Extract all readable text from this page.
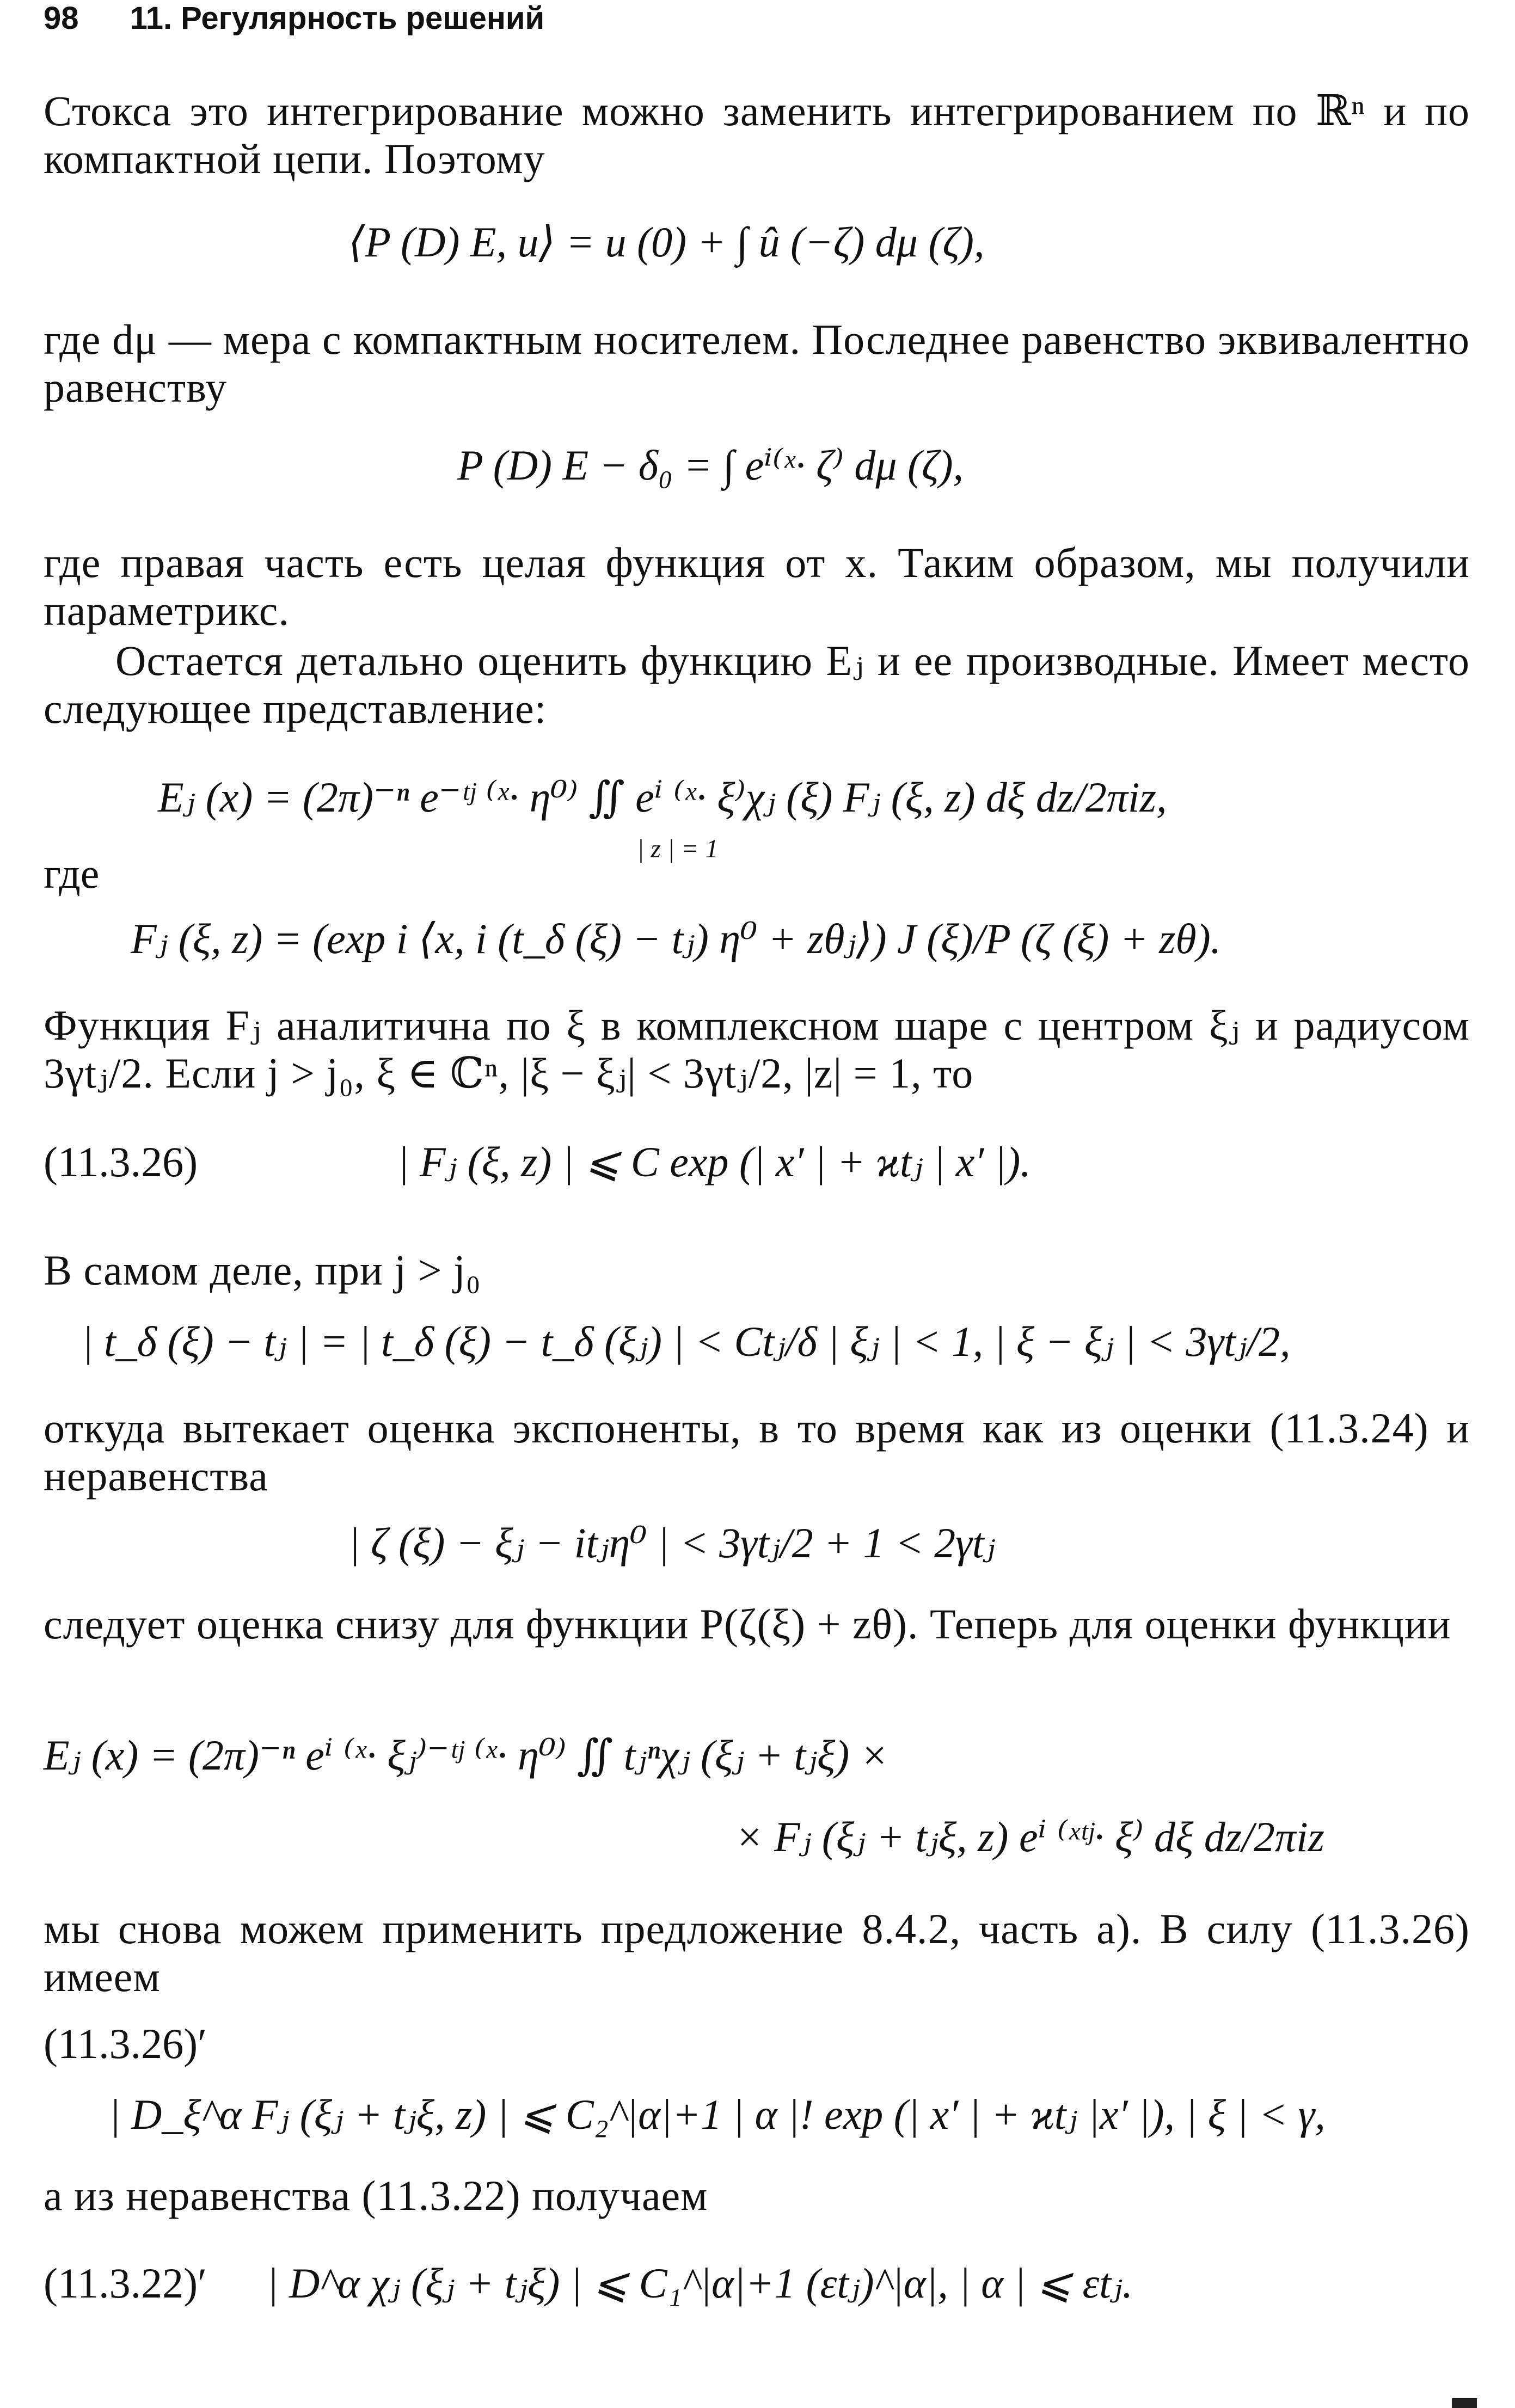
98 11. Регулярность решений
Стокса это интегрирование можно заменить интегрированием по ℝⁿ и по компактной цепи. Поэтому
⟨P (D) E, u⟩ = u (0) + ∫ û (−ζ) dμ (ζ),
где dμ — мера с компактным носителем. Последнее равенство эквивалентно равенству
P (D) E − δ₀ = ∫ eⁱ⁽ˣ· ζ⁾ dμ (ζ),
где правая часть есть целая функция от x. Таким образом, мы получили параметрикс.
Остается детально оценить функцию Eⱼ и ее производные. Имеет место следующее представление:
Eⱼ (x) = (2π)⁻ⁿ e⁻ᵗʲ ⁽ˣ· η⁰⁾ ∬ eⁱ ⁽ˣ· ξ⁾χⱼ (ξ) Fⱼ (ξ, z) dξ dz/2πiz,
| z | = 1
где
Fⱼ (ξ, z) = (exp i ⟨x, i (t_δ (ξ) − tⱼ) η⁰ + zθⱼ⟩) J (ξ)/P (ζ (ξ) + zθ).
Функция Fⱼ аналитична по ξ в комплексном шаре с центром ξⱼ и радиусом 3γtⱼ/2. Если j > j₀, ξ ∈ ℂⁿ, |ξ − ξⱼ| < 3γtⱼ/2, |z| = 1, то
(11.3.26)	| Fⱼ (ξ, z) | ⩽ C exp (| x′ | + ϰtⱼ | x′ |).
В самом деле, при j > j₀
| t_δ (ξ) − tⱼ | = | t_δ (ξ) − t_δ (ξⱼ) | < Ctⱼ/δ | ξⱼ | < 1, | ξ − ξⱼ | < 3γtⱼ/2,
откуда вытекает оценка экспоненты, в то время как из оценки (11.3.24) и неравенства
| ζ (ξ) − ξⱼ − itⱼη⁰ | < 3γtⱼ/2 + 1 < 2γtⱼ
следует оценка снизу для функции P(ζ(ξ) + zθ). Теперь для оценки функции
Eⱼ (x) = (2π)⁻ⁿ eⁱ ⁽ˣ· ξⱼ⁾⁻ᵗʲ ⁽ˣ· η⁰⁾ ∬ tⱼⁿχⱼ (ξⱼ + tⱼξ) ×
× Fⱼ (ξⱼ + tⱼξ, z) eⁱ ⁽ˣᵗʲ· ξ⁾ dξ dz/2πiz
мы снова можем применить предложение 8.4.2, часть а). В силу (11.3.26) имеем
(11.3.26)′
| D_ξ^α Fⱼ (ξⱼ + tⱼξ, z) | ⩽ C₂^|α|+1 | α |! exp (| x′ | + ϰtⱼ |x′ |), | ξ | < γ,
а из неравенства (11.3.22) получаем
(11.3.22)′ | D^α χⱼ (ξⱼ + tⱼξ) | ⩽ C₁^|α|+1 (εtⱼ)^|α|, | α | ⩽ εtⱼ.
